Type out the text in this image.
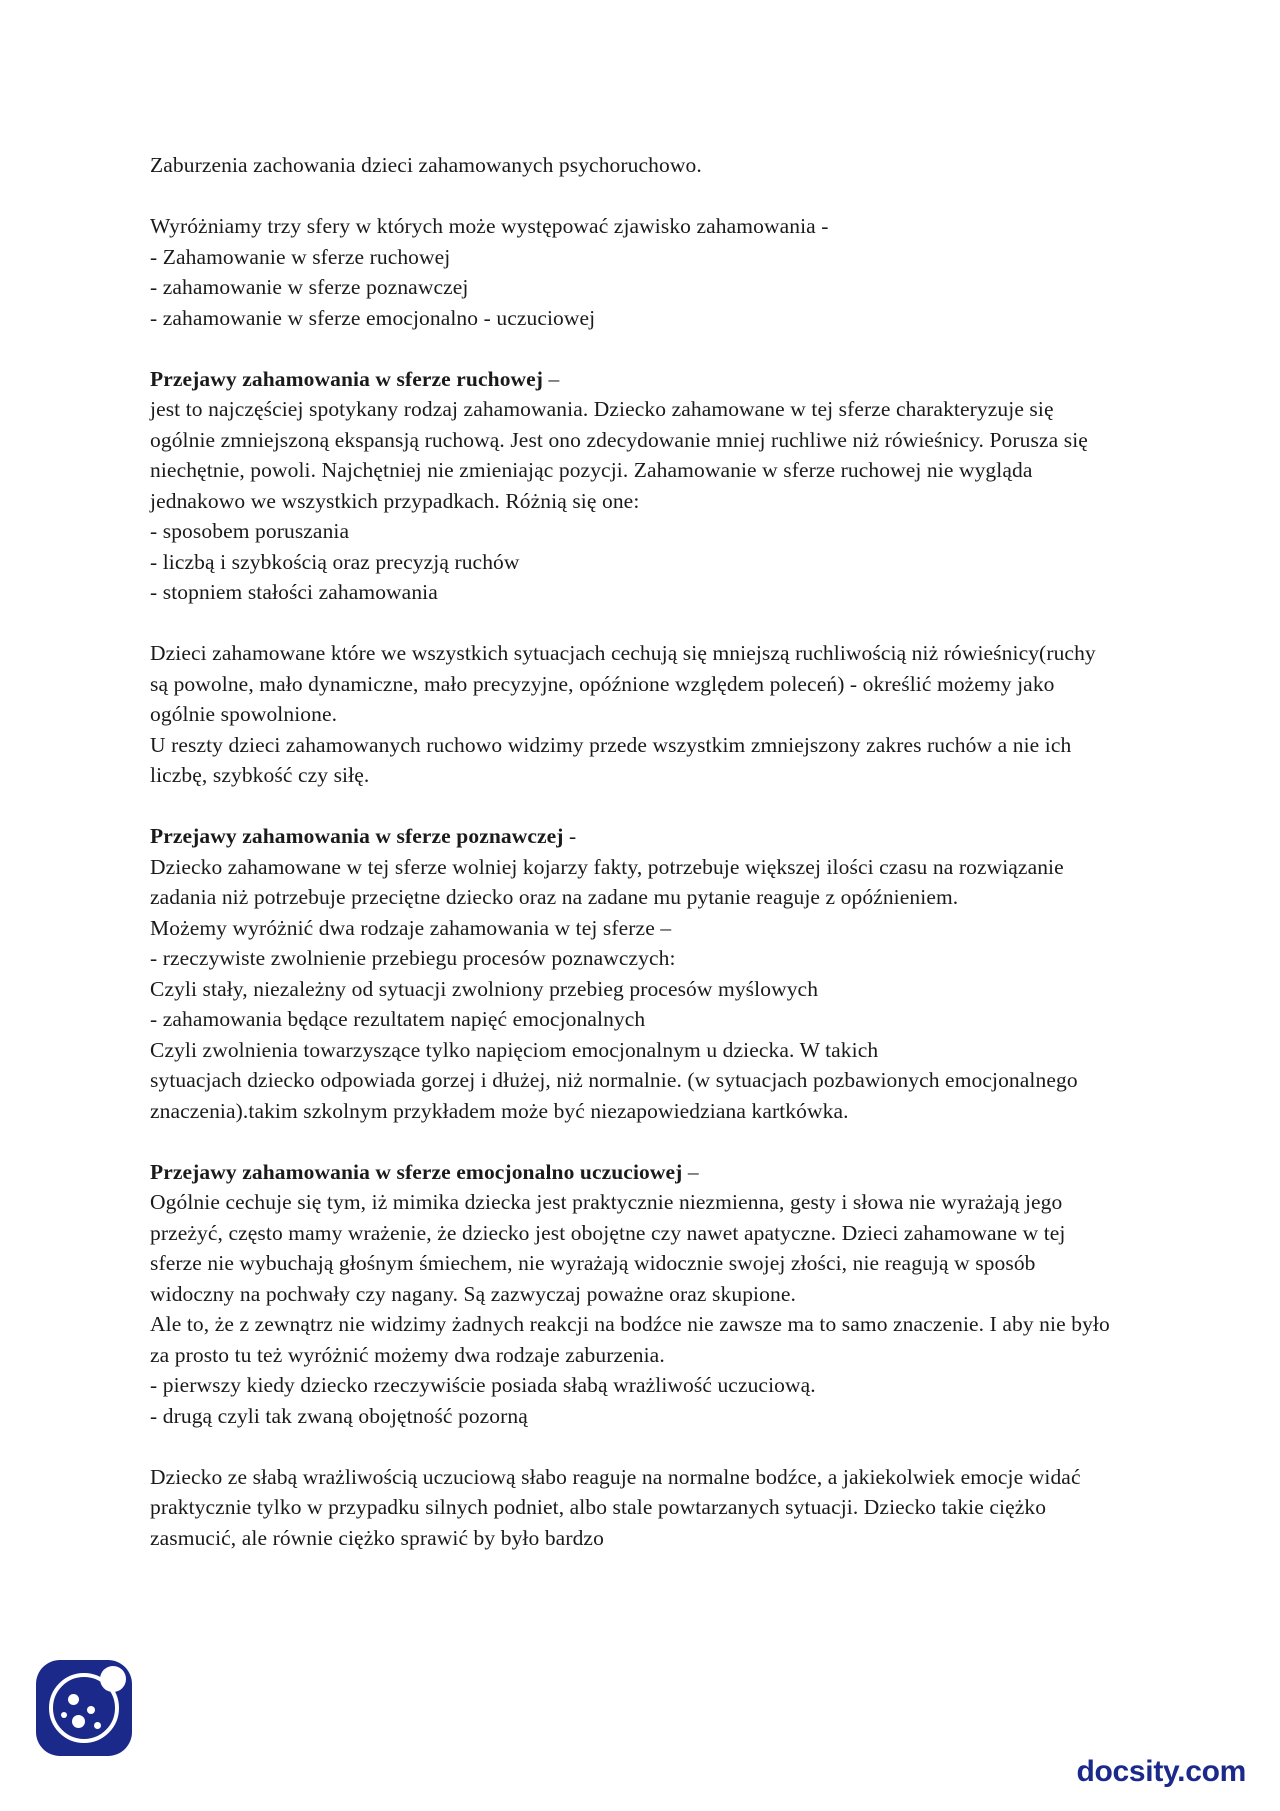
Zaburzenia zachowania dzieci zahamowanych psychoruchowo.

Wyróżniamy trzy sfery w których może występować zjawisko zahamowania -

- Zahamowanie w sferze ruchowej

- zahamowanie w sferze poznawczej

- zahamowanie w sferze emocjonalno - uczuciowej

Przejawy zahamowania w sferze ruchowej –

jest to najczęściej spotykany rodzaj zahamowania. Dziecko zahamowane w tej sferze charakteryzuje się ogólnie zmniejszoną ekspansją ruchową. Jest ono zdecydowanie mniej ruchliwe niż rówieśnicy. Porusza się niechętnie, powoli. Najchętniej nie zmieniając pozycji. Zahamowanie w sferze ruchowej nie wygląda jednakowo we wszystkich przypadkach. Różnią się one:

- sposobem poruszania

- liczbą i szybkością oraz precyzją ruchów

- stopniem stałości zahamowania

Dzieci zahamowane które we wszystkich sytuacjach cechują się mniejszą ruchliwością niż rówieśnicy(ruchy są powolne, mało dynamiczne, mało precyzyjne, opóźnione względem poleceń) - określić możemy jako ogólnie spowolnione.

U reszty dzieci zahamowanych ruchowo widzimy przede wszystkim zmniejszony zakres ruchów a nie ich liczbę, szybkość czy siłę.

Przejawy zahamowania w sferze poznawczej -

Dziecko zahamowane w tej sferze wolniej kojarzy fakty, potrzebuje większej ilości czasu na rozwiązanie zadania niż potrzebuje przeciętne dziecko oraz na zadane mu pytanie reaguje z opóźnieniem.

Możemy wyróżnić dwa rodzaje zahamowania w tej sferze –

- rzeczywiste zwolnienie przebiegu procesów poznawczych:

Czyli stały, niezależny od sytuacji zwolniony przebieg procesów myślowych

- zahamowania będące rezultatem napięć emocjonalnych

Czyli zwolnienia towarzyszące tylko napięciom emocjonalnym u dziecka. W takich

sytuacjach dziecko odpowiada gorzej i dłużej, niż normalnie. (w sytuacjach pozbawionych emocjonalnego znaczenia).takim szkolnym przykładem może być niezapowiedziana kartkówka.

Przejawy zahamowania w sferze emocjonalno uczuciowej –

Ogólnie cechuje się tym, iż mimika dziecka jest praktycznie niezmienna, gesty i słowa nie wyrażają jego przeżyć, często mamy wrażenie, że dziecko jest obojętne czy nawet apatyczne. Dzieci zahamowane w tej sferze nie wybuchają głośnym śmiechem, nie wyrażają widocznie swojej złości, nie reagują w sposób widoczny na pochwały czy nagany. Są zazwyczaj poważne oraz skupione.

Ale to, że z zewnątrz nie widzimy żadnych reakcji na bodźce nie zawsze ma to samo znaczenie. I aby nie było za prosto tu też wyróżnić możemy dwa rodzaje zaburzenia.

- pierwszy kiedy dziecko rzeczywiście posiada słabą wrażliwość uczuciową.

- drugą czyli tak zwaną obojętność pozorną

Dziecko ze słabą wrażliwością uczuciową słabo reaguje na normalne bodźce, a jakiekolwiek emocje widać praktycznie tylko w przypadku silnych podniet, albo stale powtarzanych sytuacji. Dziecko takie ciężko zasmucić, ale równie ciężko sprawić by było bardzo

docsity.com
